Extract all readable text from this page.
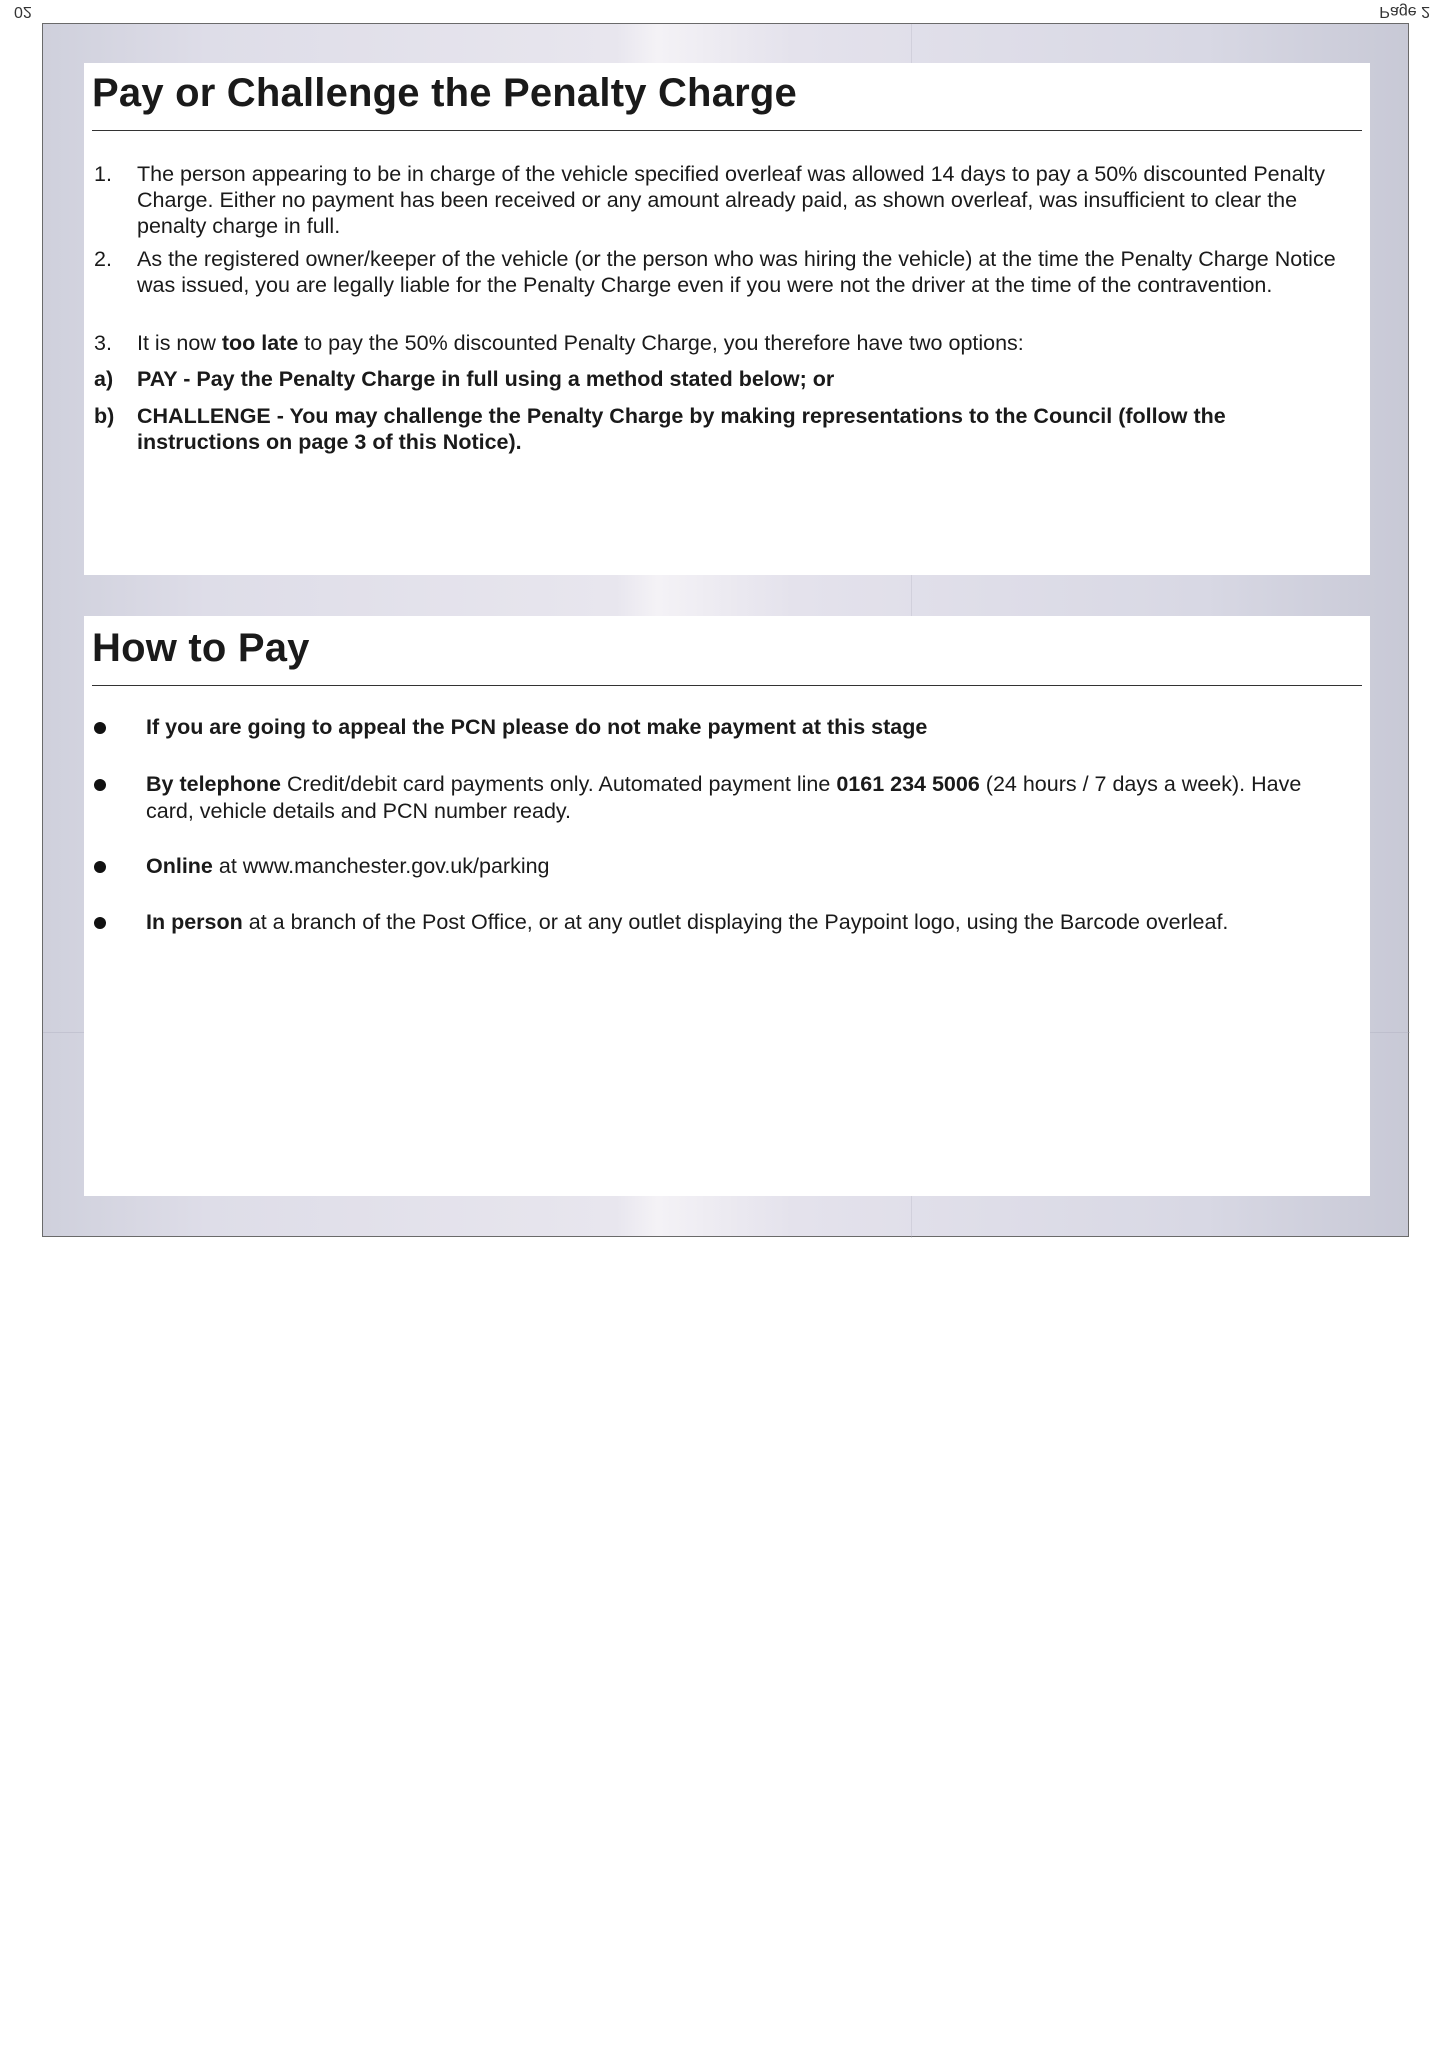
02	Page 2
Pay or Challenge the Penalty Charge
1.	The person appearing to be in charge of the vehicle specified overleaf was allowed 14 days to pay a 50% discounted Penalty Charge. Either no payment has been received or any amount already paid, as shown overleaf, was insufficient to clear the penalty charge in full.
2.	As the registered owner/keeper of the vehicle (or the person who was hiring the vehicle) at the time the Penalty Charge Notice was issued, you are legally liable for the Penalty Charge even if you were not the driver at the time of the contravention.
3.	It is now too late to pay the 50% discounted Penalty Charge, you therefore have two options:
a)	PAY - Pay the Penalty Charge in full using a method stated below; or
b)	CHALLENGE - You may challenge the Penalty Charge by making representations to the Council (follow the instructions on page 3 of this Notice).
How to Pay
If you are going to appeal the PCN please do not make payment at this stage
By telephone Credit/debit card payments only. Automated payment line 0161 234 5006 (24 hours / 7 days a week). Have card, vehicle details and PCN number ready.
Online at www.manchester.gov.uk/parking
In person at a branch of the Post Office, or at any outlet displaying the Paypoint logo, using the Barcode overleaf.
